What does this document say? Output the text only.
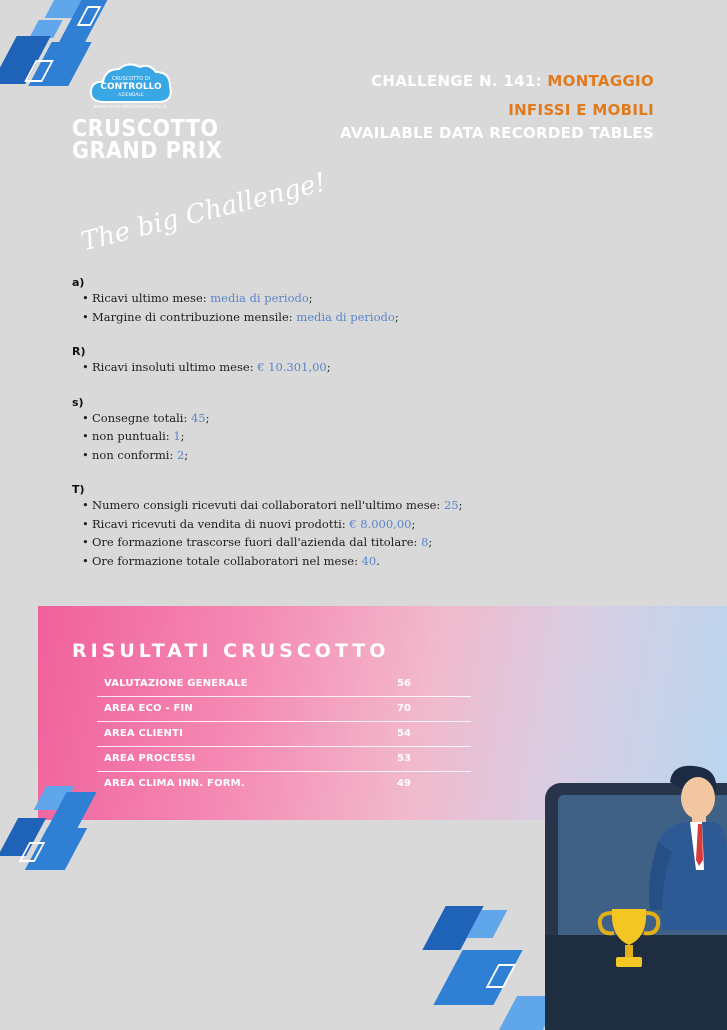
CRUSCOTTO DI
CONTROLLO
AZIENDALE
www.cruscottodicontrollo.it
CRUSCOTTO
GRAND PRIX
The big Challenge!
CHALLENGE N. 141: MONTAGGIO
INFISSI E MOBILI
AVAILABLE DATA RECORDED TABLES
a)
• Ricavi ultimo mese: media di periodo;
• Margine di contribuzione mensile: media di periodo;
R)
• Ricavi insoluti ultimo mese: € 10.301,00;
s)
• Consegne totali: 45;
• non puntuali: 1;
• non conformi: 2;
T)
• Numero consigli ricevuti dai collaboratori nell'ultimo mese: 25;
• Ricavi ricevuti da vendita di nuovi prodotti: € 8.000,00;
• Ore formazione trascorse fuori dall'azienda dal titolare: 8;
• Ore formazione totale collaboratori nel mese: 40.
RISULTATI CRUSCOTTO
VALUTAZIONE GENERALE	56
AREA ECO - FIN	70
AREA CLIENTI	54
AREA PROCESSI	53
AREA CLIMA INN. FORM.	49
